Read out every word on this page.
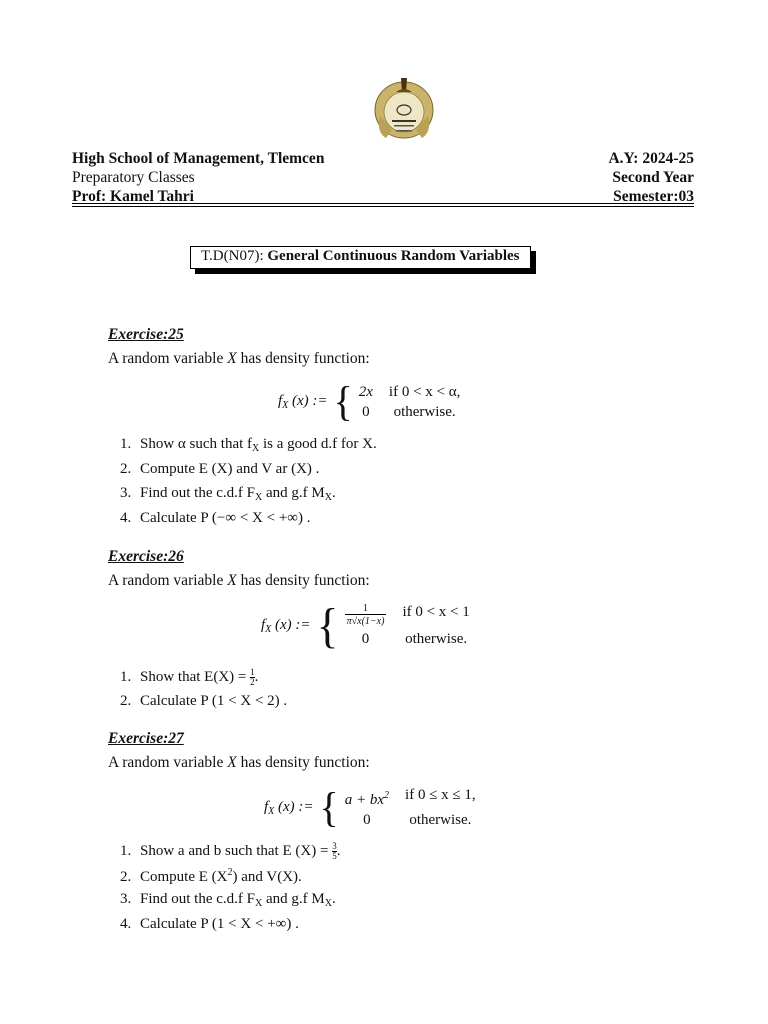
High School of Management, Tlemcen
Preparatory Classes
Prof: Kamel Tahri
A.Y: 2024-25
Second Year
Semester:03
T.D(N07): General Continuous Random Variables
Exercise:25
A random variable X has density function:
$f_X$ (x) := { 2x if 0 < x < α,
0	otherwise.
1. Show α such that $f_X$ is a good d.f for X.
2. Compute E (X) and V ar (X) .
3. Find out the c.d.f $F_X$ and g.f $M_X$.
4. Calculate P (−∞ < X < +∞) .
Exercise:26
A random variable X has density function:
$f_X$ (x) := { $\frac{1}{\pi√x(1-x)}$ if 0 < x < 1
0	otherwise.
1. Show that $E(X) = \frac{1}{2}$ .
2. Calculate P (1 < X < 2) .
Exercise:27
A random variable X has density function:
$f_X$ (x) := { $a + bx^2$ if 0 ≤ x ≤ 1,
0	otherwise.
1. Show a and b such that E $(X) = \frac{3}{5}$ .
2. Compute E $(X^2)$ and V(X).
3. Find out the c.d.f $F_X$ and g.f $M_X$.
4. Calculate P (1 < X < +∞) .
